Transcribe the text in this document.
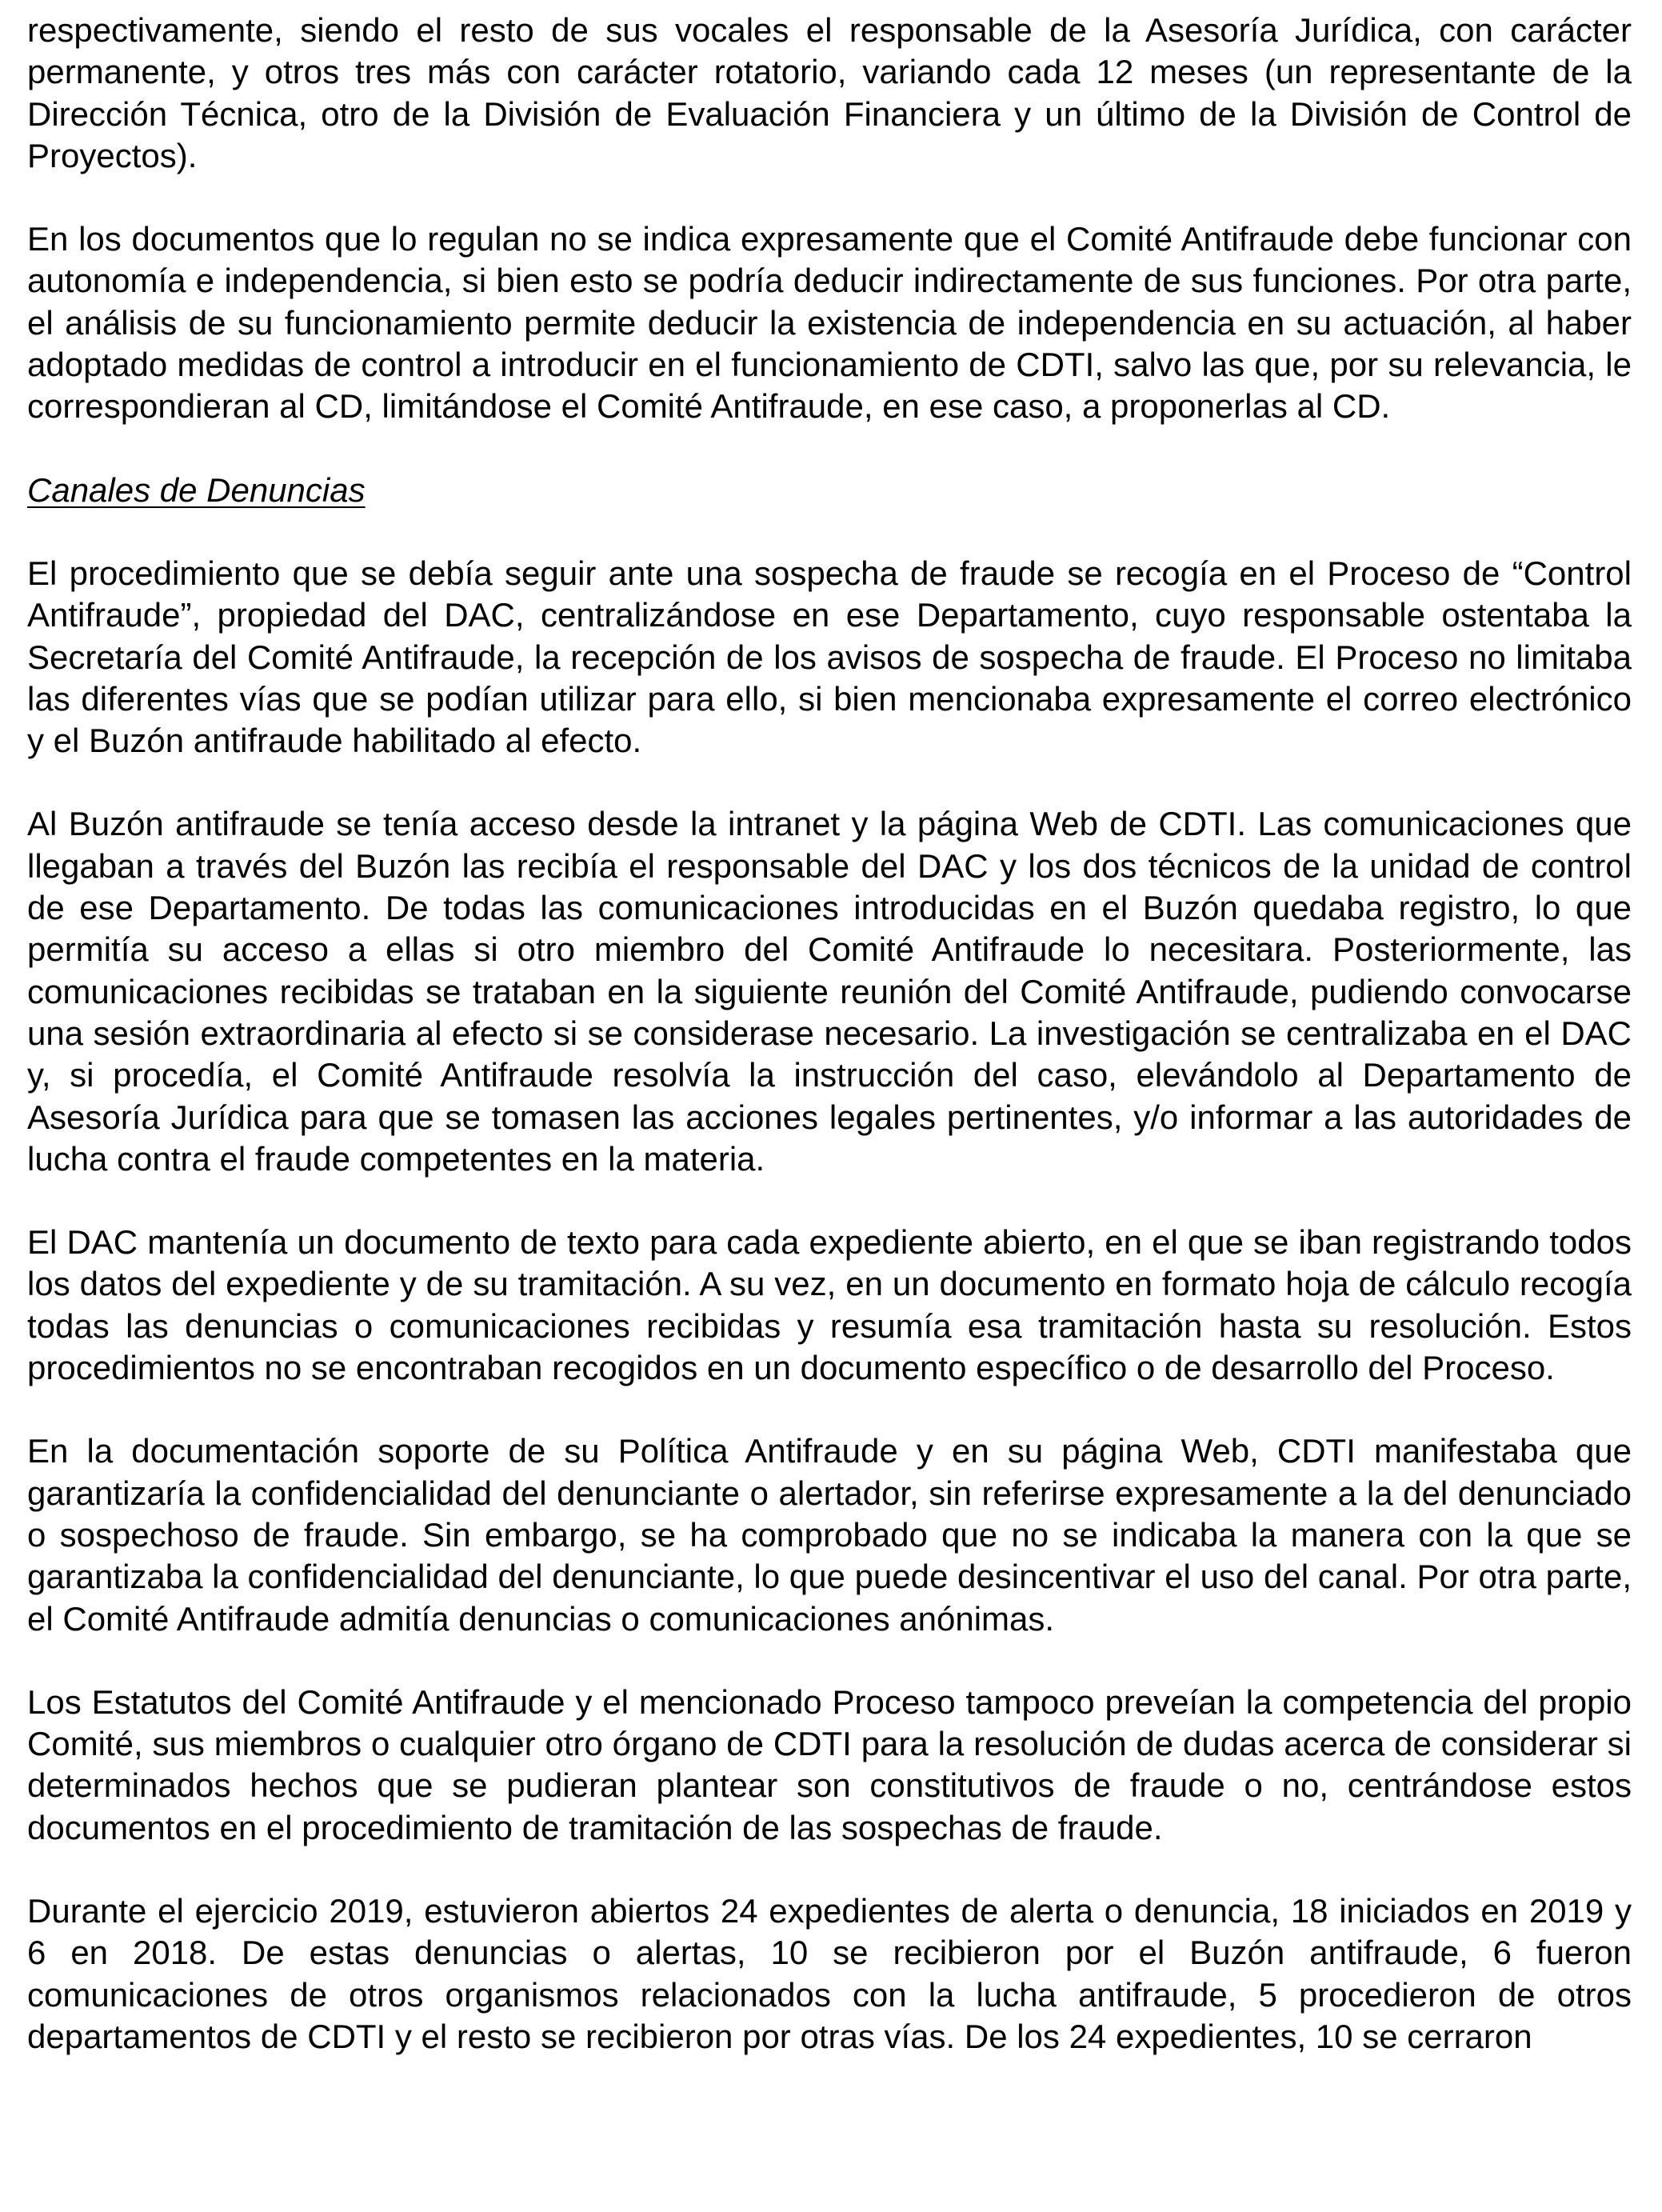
respectivamente, siendo el resto de sus vocales el responsable de la Asesoría Jurídica, con carácter permanente, y otros tres más con carácter rotatorio, variando cada 12 meses (un representante de la Dirección Técnica, otro de la División de Evaluación Financiera y un último de la División de Control de Proyectos).

En los documentos que lo regulan no se indica expresamente que el Comité Antifraude debe funcionar con autonomía e independencia, si bien esto se podría deducir indirectamente de sus funciones. Por otra parte, el análisis de su funcionamiento permite deducir la existencia de independencia en su actuación, al haber adoptado medidas de control a introducir en el funcionamiento de CDTI, salvo las que, por su relevancia, le correspondieran al CD, limitándose el Comité Antifraude, en ese caso, a proponerlas al CD.

Canales de Denuncias

El procedimiento que se debía seguir ante una sospecha de fraude se recogía en el Proceso de “Control Antifraude”, propiedad del DAC, centralizándose en ese Departamento, cuyo responsable ostentaba la Secretaría del Comité Antifraude, la recepción de los avisos de sospecha de fraude. El Proceso no limitaba las diferentes vías que se podían utilizar para ello, si bien mencionaba expresamente el correo electrónico y el Buzón antifraude habilitado al efecto.

Al Buzón antifraude se tenía acceso desde la intranet y la página Web de CDTI. Las comunicaciones que llegaban a través del Buzón las recibía el responsable del DAC y los dos técnicos de la unidad de control de ese Departamento. De todas las comunicaciones introducidas en el Buzón quedaba registro, lo que permitía su acceso a ellas si otro miembro del Comité Antifraude lo necesitara. Posteriormente, las comunicaciones recibidas se trataban en la siguiente reunión del Comité Antifraude, pudiendo convocarse una sesión extraordinaria al efecto si se considerase necesario. La investigación se centralizaba en el DAC y, si procedía, el Comité Antifraude resolvía la instrucción del caso, elevándolo al Departamento de Asesoría Jurídica para que se tomasen las acciones legales pertinentes, y/o informar a las autoridades de lucha contra el fraude competentes en la materia.

El DAC mantenía un documento de texto para cada expediente abierto, en el que se iban registrando todos los datos del expediente y de su tramitación. A su vez, en un documento en formato hoja de cálculo recogía todas las denuncias o comunicaciones recibidas y resumía esa tramitación hasta su resolución. Estos procedimientos no se encontraban recogidos en un documento específico o de desarrollo del Proceso.

En la documentación soporte de su Política Antifraude y en su página Web, CDTI manifestaba que garantizaría la confidencialidad del denunciante o alertador, sin referirse expresamente a la del denunciado o sospechoso de fraude. Sin embargo, se ha comprobado que no se indicaba la manera con la que se garantizaba la confidencialidad del denunciante, lo que puede desincentivar el uso del canal. Por otra parte, el Comité Antifraude admitía denuncias o comunicaciones anónimas.

Los Estatutos del Comité Antifraude y el mencionado Proceso tampoco preveían la competencia del propio Comité, sus miembros o cualquier otro órgano de CDTI para la resolución de dudas acerca de considerar si determinados hechos que se pudieran plantear son constitutivos de fraude o no, centrándose estos documentos en el procedimiento de tramitación de las sospechas de fraude.

Durante el ejercicio 2019, estuvieron abiertos 24 expedientes de alerta o denuncia, 18 iniciados en 2019 y 6 en 2018. De estas denuncias o alertas, 10 se recibieron por el Buzón antifraude, 6 fueron comunicaciones de otros organismos relacionados con la lucha antifraude, 5 procedieron de otros departamentos de CDTI y el resto se recibieron por otras vías. De los 24 expedientes, 10 se cerraron
